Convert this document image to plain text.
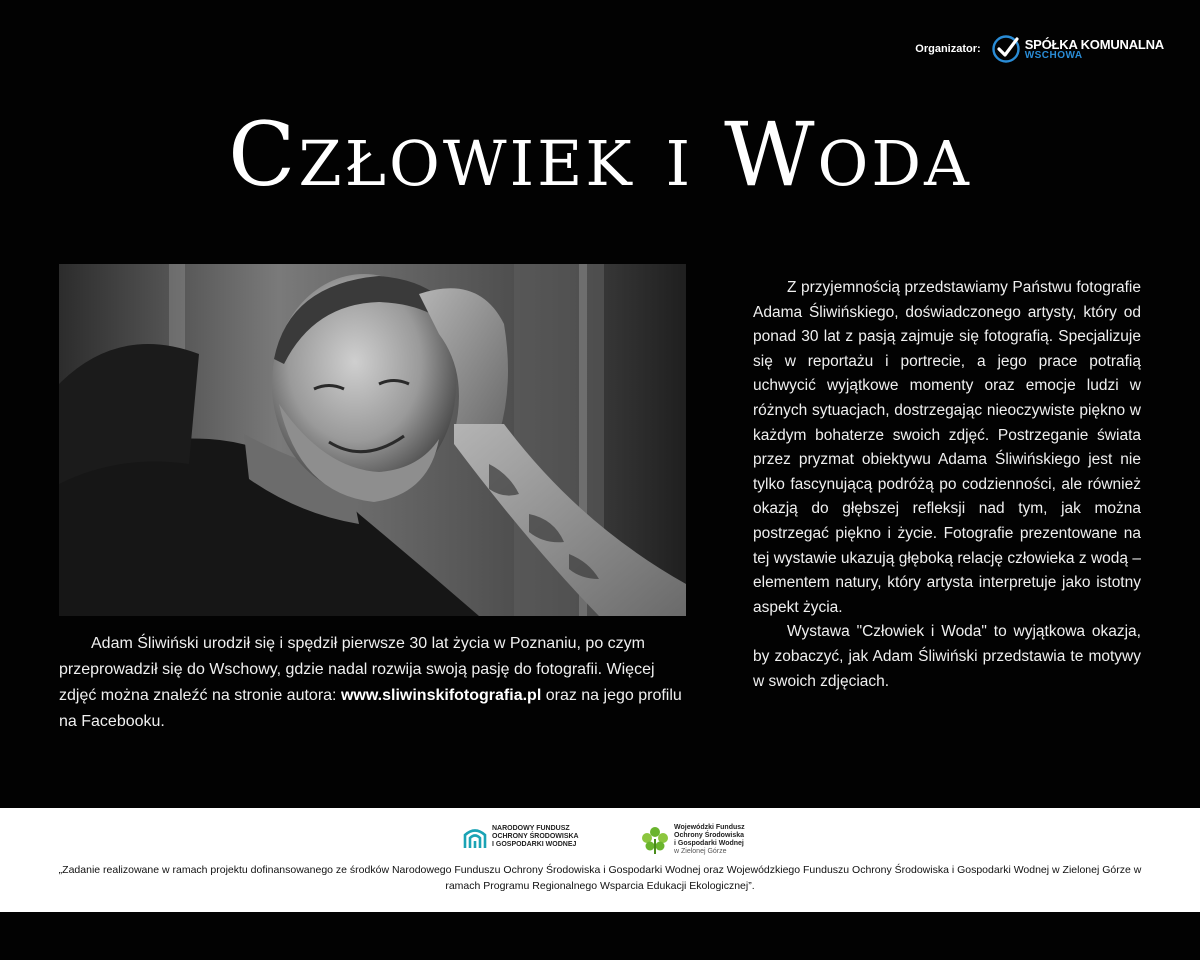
Organizator:	SPÓŁKA KOMUNALNA
WSCHOWA
Człowiek i Woda

Adam Śliwiński urodził się i spędził pierwsze 30 lat życia w Poznaniu, po czym przeprowadził się do Wschowy, gdzie nadal rozwija swoją pasję do fotografii. Więcej zdjęć można znaleźć na stronie autora: www.sliwinskifotografia.pl oraz na jego profilu na Facebooku.

Z przyjemnością przedstawiamy Państwu fotografie Adama Śliwińskiego, doświadczonego artysty, który od ponad 30 lat z pasją zajmuje się fotografią. Specjalizuje się w reportażu i portrecie, a jego prace potrafią uchwycić wyjątkowe momenty oraz emocje ludzi w różnych sytuacjach, dostrzegając nieoczywiste piękno w każdym bohaterze swoich zdjęć. Postrzeganie świata przez pryzmat obiektywu Adama Śliwińskiego jest nie tylko fascynującą podróżą po codzienności, ale również okazją do głębszej refleksji nad tym, jak można postrzegać piękno i życie. Fotografie prezentowane na tej wystawie ukazują głęboką relację człowieka z wodą – elementem natury, który artysta interpretuje jako istotny aspekt życia.

Wystawa "Człowiek i Woda" to wyjątkowa okazja, by zobaczyć, jak Adam Śliwiński przedstawia te motywy w swoich zdjęciach.

NARODOWY FUNDUSZ
OCHRONY ŚRODOWISKA
I GOSPODARKI WODNEJ
Wojewódzki Fundusz
Ochrony Środowiska
i Gospodarki Wodnej
w Zielonej Górze

„Zadanie realizowane w ramach projektu dofinansowanego ze środków Narodowego Funduszu Ochrony Środowiska i Gospodarki Wodnej oraz Wojewódzkiego Funduszu Ochrony Środowiska i Gospodarki Wodnej w Zielonej Górze w ramach Programu Regionalnego Wsparcia Edukacji Ekologicznej”.
